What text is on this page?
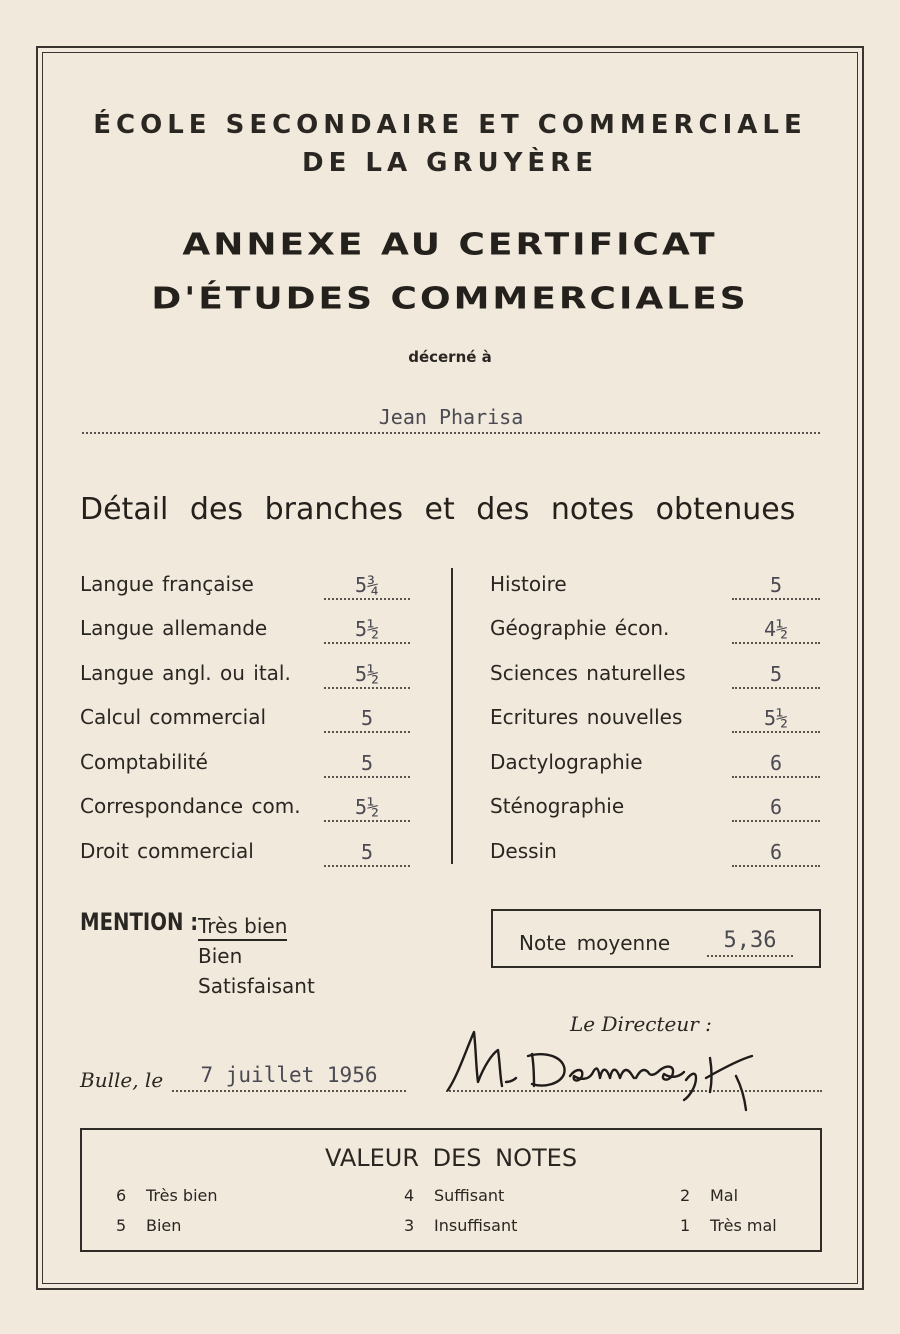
ÉCOLE SECONDAIRE ET COMMERCIALE
DE LA GRUYÈRE
ANNEXE AU CERTIFICAT
D'ÉTUDES COMMERCIALES
décerné à
Jean Pharisa
Détail des branches et des notes obtenues
Langue française	5¾
Langue allemande	5½
Langue angl. ou ital.	5½
Calcul commercial	5
Comptabilité	5
Correspondance com.	5½
Droit commercial	5
Histoire	5
Géographie écon.	4½
Sciences naturelles	5
Ecritures nouvelles	5½
Dactylographie	6
Sténographie	6
Dessin	6
MENTION : Très bien
Bien
Satisfaisant
Note moyenne	5,36
Le Directeur :
Bulle, le	7 juillet 1956
VALEUR DES NOTES
6 Très bien
5 Bien
4 Suffisant
3 Insuffisant
2 Mal
1 Très mal
